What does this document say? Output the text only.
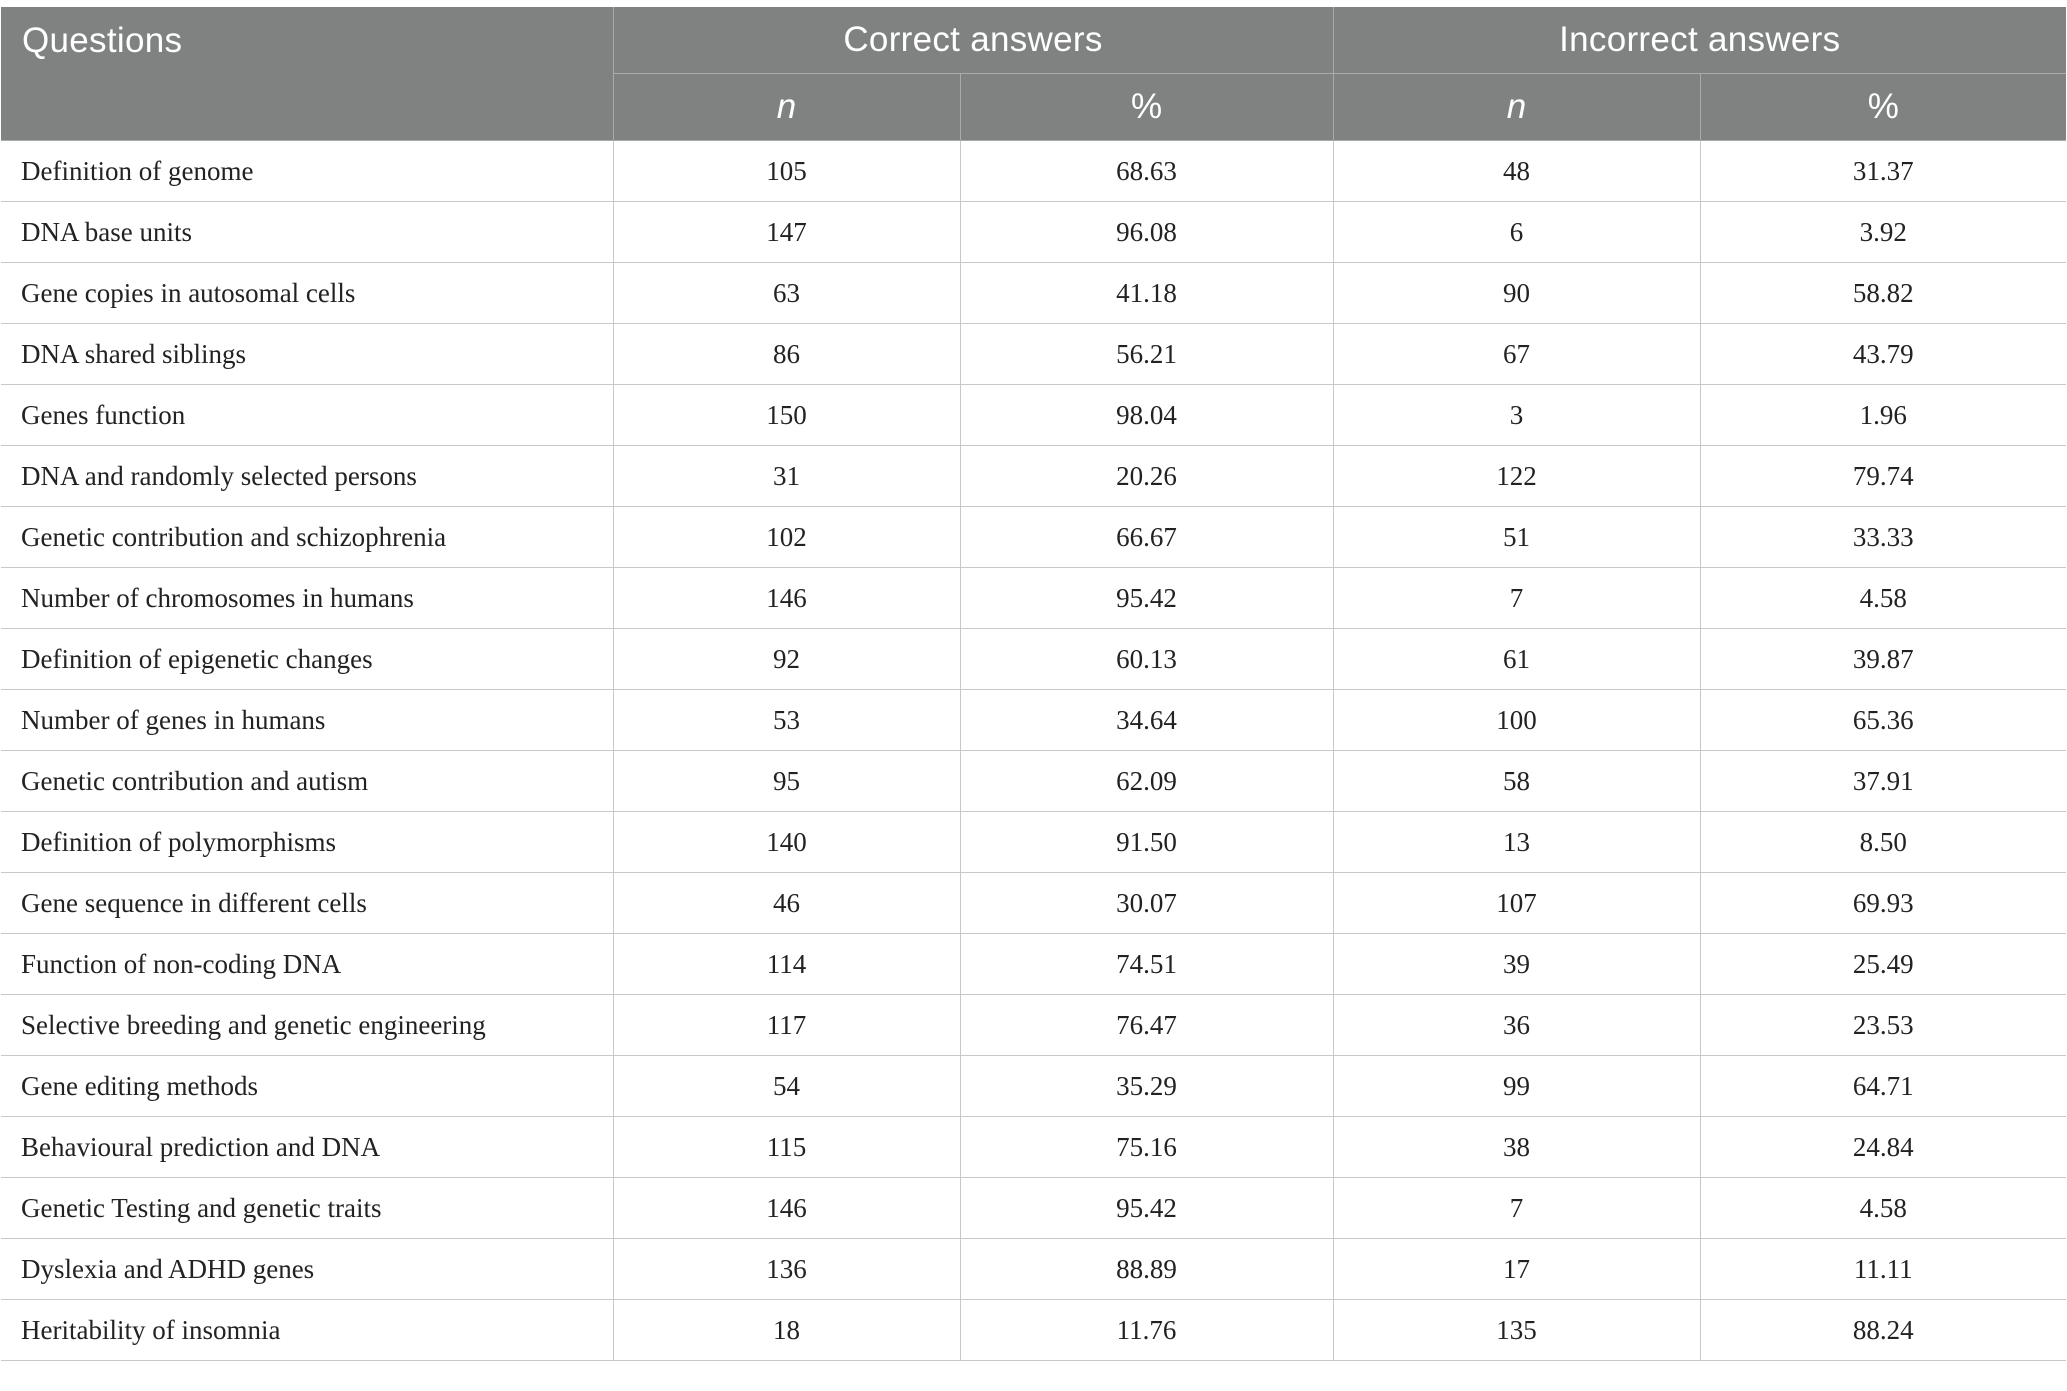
Questions	Correct answers		Incorrect answers	
	n	%	n	%
Definition of genome	105	68.63	48	31.37
DNA base units	147	96.08	6	3.92
Gene copies in autosomal cells	63	41.18	90	58.82
DNA shared siblings	86	56.21	67	43.79
Genes function	150	98.04	3	1.96
DNA and randomly selected persons	31	20.26	122	79.74
Genetic contribution and schizophrenia	102	66.67	51	33.33
Number of chromosomes in humans	146	95.42	7	4.58
Definition of epigenetic changes	92	60.13	61	39.87
Number of genes in humans	53	34.64	100	65.36
Genetic contribution and autism	95	62.09	58	37.91
Definition of polymorphisms	140	91.50	13	8.50
Gene sequence in different cells	46	30.07	107	69.93
Function of non-coding DNA	114	74.51	39	25.49
Selective breeding and genetic engineering	117	76.47	36	23.53
Gene editing methods	54	35.29	99	64.71
Behavioural prediction and DNA	115	75.16	38	24.84
Genetic Testing and genetic traits	146	95.42	7	4.58
Dyslexia and ADHD genes	136	88.89	17	11.11
Heritability of insomnia	18	11.76	135	88.24
